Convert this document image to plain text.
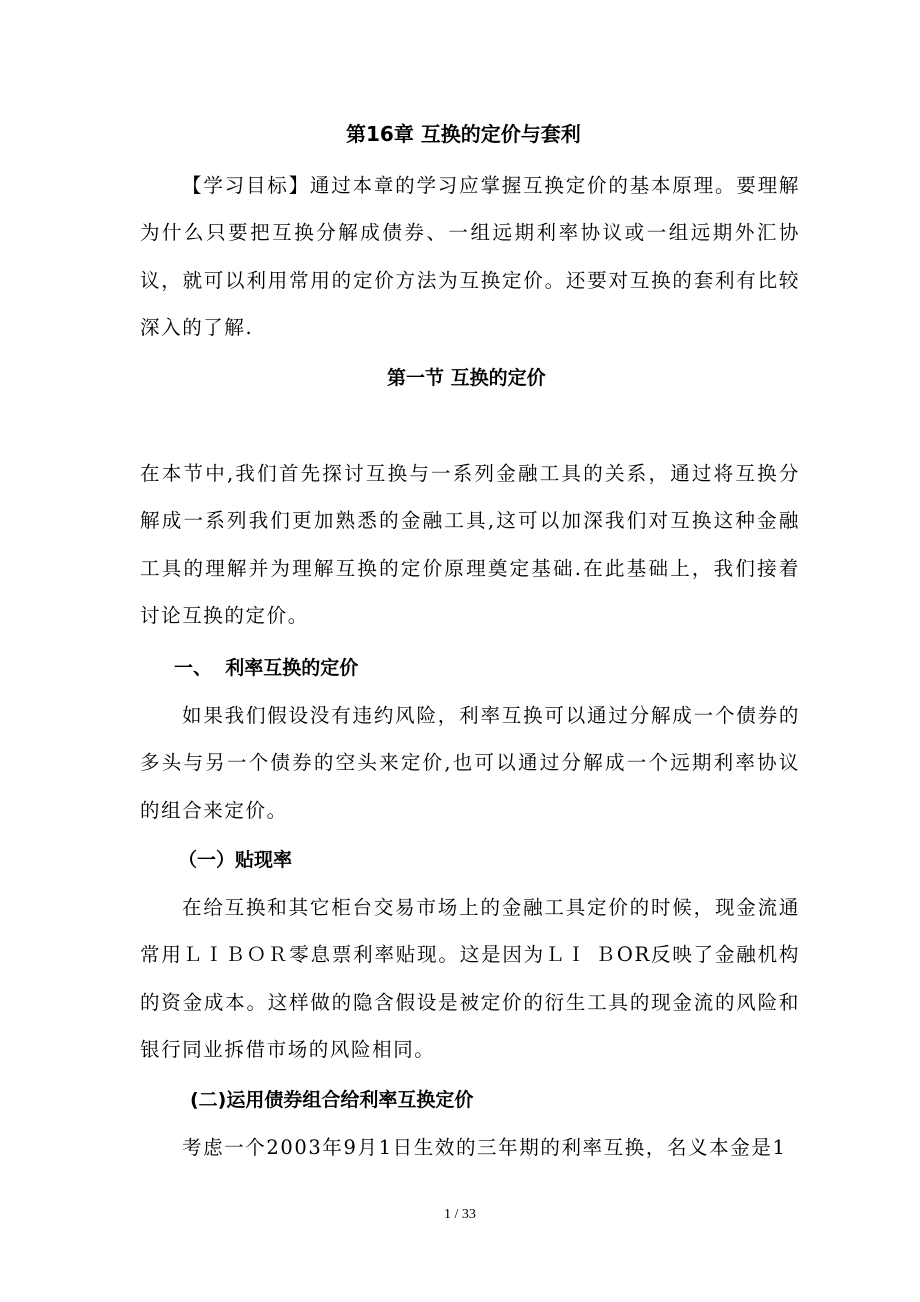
第16章 互换的定价与套利

【学习目标】通过本章的学习应掌握互换定价的基本原理。要理解为什么只要把互换分解成债券、一组远期利率协议或一组远期外汇协议，就可以利用常用的定价方法为互换定价。还要对互换的套利有比较深入的了解.

第一节 互换的定价

在本节中,我们首先探讨互换与一系列金融工具的关系，通过将互换分解成一系列我们更加熟悉的金融工具,这可以加深我们对互换这种金融工具的理解并为理解互换的定价原理奠定基础.在此基础上，我们接着讨论互换的定价。

一、  利率互换的定价

如果我们假设没有违约风险，利率互换可以通过分解成一个债券的多头与另一个债券的空头来定价,也可以通过分解成一个远期利率协议的组合来定价。

（一）贴现率

在给互换和其它柜台交易市场上的金融工具定价的时候，现金流通常用ＬＩＢＯＲ零息票利率贴现。这是因为ＬＩ ＢOR反映了金融机构的资金成本。这样做的隐含假设是被定价的衍生工具的现金流的风险和银行同业拆借市场的风险相同。

(二)运用债券组合给利率互换定价

考虑一个2003年9月1日生效的三年期的利率互换，名义本金是1

1 / 33
